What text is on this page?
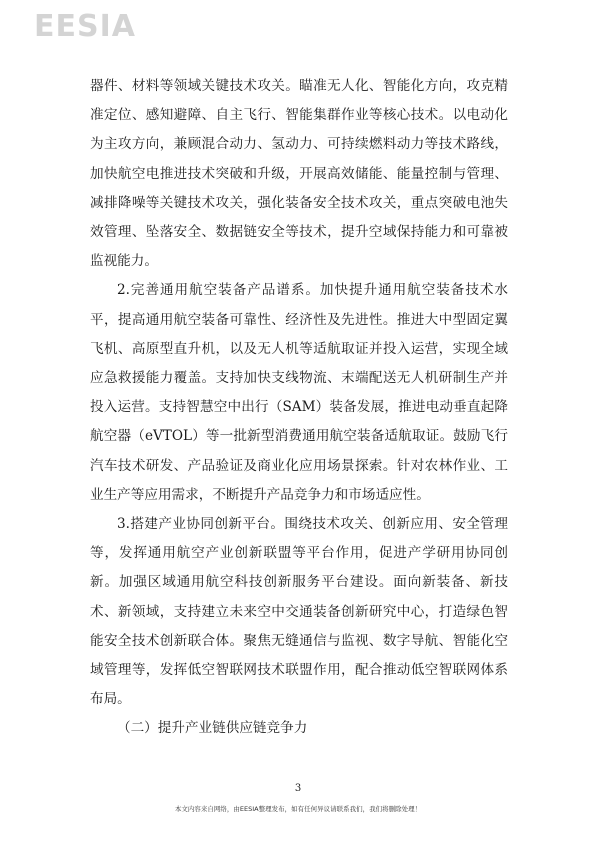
EESIA

器件、材料等领域关键技术攻关。瞄准无人化、智能化方向，攻克精准定位、感知避障、自主飞行、智能集群作业等核心技术。以电动化为主攻方向，兼顾混合动力、氢动力、可持续燃料动力等技术路线，加快航空电推进技术突破和升级，开展高效储能、能量控制与管理、减排降噪等关键技术攻关，强化装备安全技术攻关，重点突破电池失效管理、坠落安全、数据链安全等技术，提升空域保持能力和可靠被监视能力。

2.完善通用航空装备产品谱系。加快提升通用航空装备技术水平，提高通用航空装备可靠性、经济性及先进性。推进大中型固定翼飞机、高原型直升机，以及无人机等适航取证并投入运营，实现全域应急救援能力覆盖。支持加快支线物流、末端配送无人机研制生产并投入运营。支持智慧空中出行（SAM）装备发展，推进电动垂直起降航空器（eVTOL）等一批新型消费通用航空装备适航取证。鼓励飞行汽车技术研发、产品验证及商业化应用场景探索。针对农林作业、工业生产等应用需求，不断提升产品竞争力和市场适应性。

3.搭建产业协同创新平台。围绕技术攻关、创新应用、安全管理等，发挥通用航空产业创新联盟等平台作用，促进产学研用协同创新。加强区域通用航空科技创新服务平台建设。面向新装备、新技术、新领域，支持建立未来空中交通装备创新研究中心，打造绿色智能安全技术创新联合体。聚焦无缝通信与监视、数字导航、智能化空域管理等，发挥低空智联网技术联盟作用，配合推动低空智联网体系布局。

（二）提升产业链供应链竞争力

3
本文内容来自网络，由EESIA整理发布，如有任何异议请联系我们，我们将删除处理！
